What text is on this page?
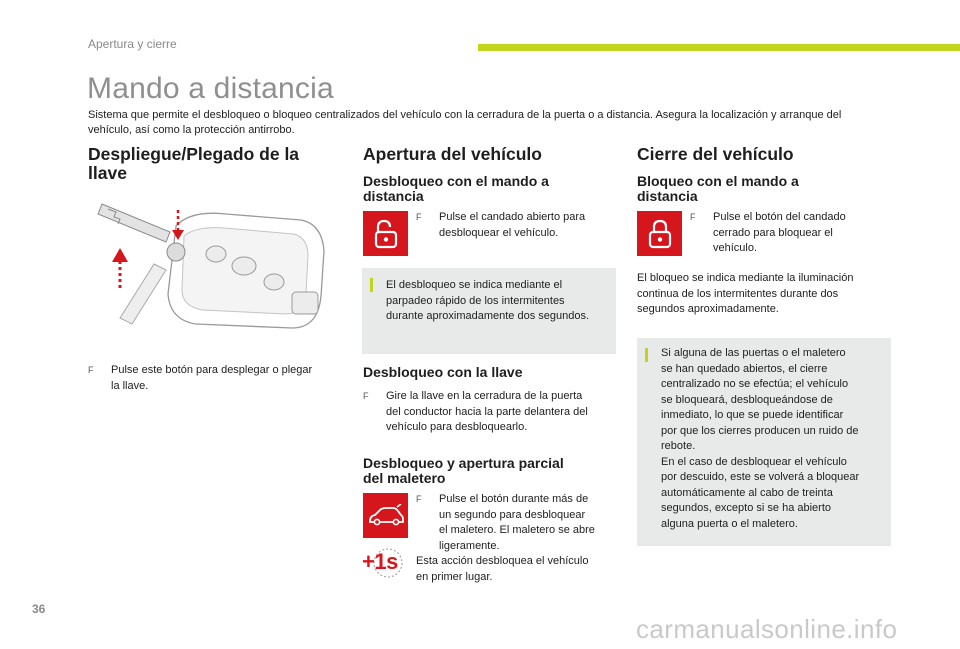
Apertura y cierre
Mando a distancia
Sistema que permite el desbloqueo o bloqueo centralizados del vehículo con la cerradura de la puerta o a distancia. Asegura la localización y arranque del vehículo, así como la protección antirrobo.
Despliegue/Plegado de la
llave
F Pulse este botón para desplegar o plegar
la llave.
Apertura del vehículo
Desbloqueo con el mando a
distancia
F Pulse el candado abierto para
desbloquear el vehículo.
El desbloqueo se indica mediante el
parpadeo rápido de los intermitentes
durante aproximadamente dos segundos.
Desbloqueo con la llave
F Gire la llave en la cerradura de la puerta
del conductor hacia la parte delantera del
vehículo para desbloquearlo.
Desbloqueo y apertura parcial
del maletero
F Pulse el botón durante más de
un segundo para desbloquear
el maletero. El maletero se abre
ligeramente.
+1s Esta acción desbloquea el vehículo
en primer lugar.
Cierre del vehículo
Bloqueo con el mando a
distancia
F Pulse el botón del candado
cerrado para bloquear el
vehículo.
El bloqueo se indica mediante la iluminación
continua de los intermitentes durante dos
segundos aproximadamente.
Si alguna de las puertas o el maletero
se han quedado abiertos, el cierre
centralizado no se efectúa; el vehículo
se bloqueará, desbloqueándose de
inmediato, lo que se puede identificar
por que los cierres producen un ruido de
rebote.
En el caso de desbloquear el vehículo
por descuido, este se volverá a bloquear
automáticamente al cabo de treinta
segundos, excepto si se ha abierto
alguna puerta o el maletero.
36
carmanualsonline.info
